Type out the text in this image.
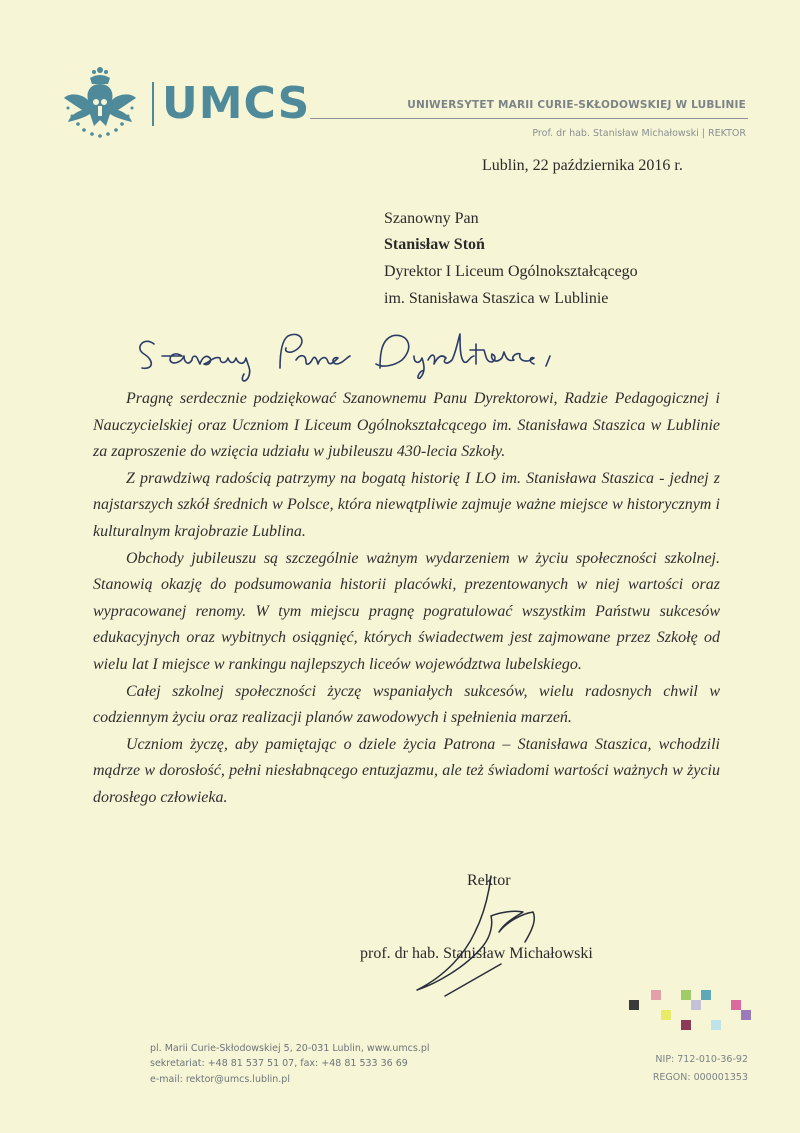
UMCS	UNIWERSYTET MARII CURIE-SKŁODOWSKIEJ W LUBLINIE
Prof. dr hab. Stanisław Michałowski | REKTOR
Lublin, 22 października 2016 r.
Szanowny Pan
Stanisław Stoń
Dyrektor I Liceum Ogólnokształcącego
im. Stanisława Staszica w Lublinie

Pragnę serdecznie podziękować Szanownemu Panu Dyrektorowi, Radzie Pedagogicznej i Nauczycielskiej oraz Uczniom I Liceum Ogólnokształcącego im. Stanisława Staszica w Lublinie za zaproszenie do wzięcia udziału w jubileuszu 430-lecia Szkoły.

Z prawdziwą radością patrzymy na bogatą historię I LO im. Stanisława Staszica - jednej z najstarszych szkół średnich w Polsce, która niewątpliwie zajmuje ważne miejsce w historycznym i kulturalnym krajobrazie Lublina.

Obchody jubileuszu są szczególnie ważnym wydarzeniem w życiu społeczności szkolnej. Stanowią okazję do podsumowania historii placówki, prezentowanych w niej wartości oraz wypracowanej renomy. W tym miejscu pragnę pogratulować wszystkim Państwu sukcesów edukacyjnych oraz wybitnych osiągnięć, których świadectwem jest zajmowane przez Szkołę od wielu lat I miejsce w rankingu najlepszych liceów województwa lubelskiego.

Całej szkolnej społeczności życzę wspaniałych sukcesów, wielu radosnych chwil w codziennym życiu oraz realizacji planów zawodowych i spełnienia marzeń.

Uczniom życzę, aby pamiętając o dziele życia Patrona – Stanisława Staszica, wchodzili mądrze w dorosłość, pełni niesłabnącego entuzjazmu, ale też świadomi wartości ważnych w życiu dorosłego człowieka.

Rektor
prof. dr hab. Stanisław Michałowski
pl. Marii Curie-Skłodowskiej 5, 20-031 Lublin, www.umcs.pl
sekretariat: +48 81 537 51 07, fax: +48 81 533 36 69
e-mail: rektor@umcs.lublin.pl
NIP: 712-010-36-92
REGON: 000001353
